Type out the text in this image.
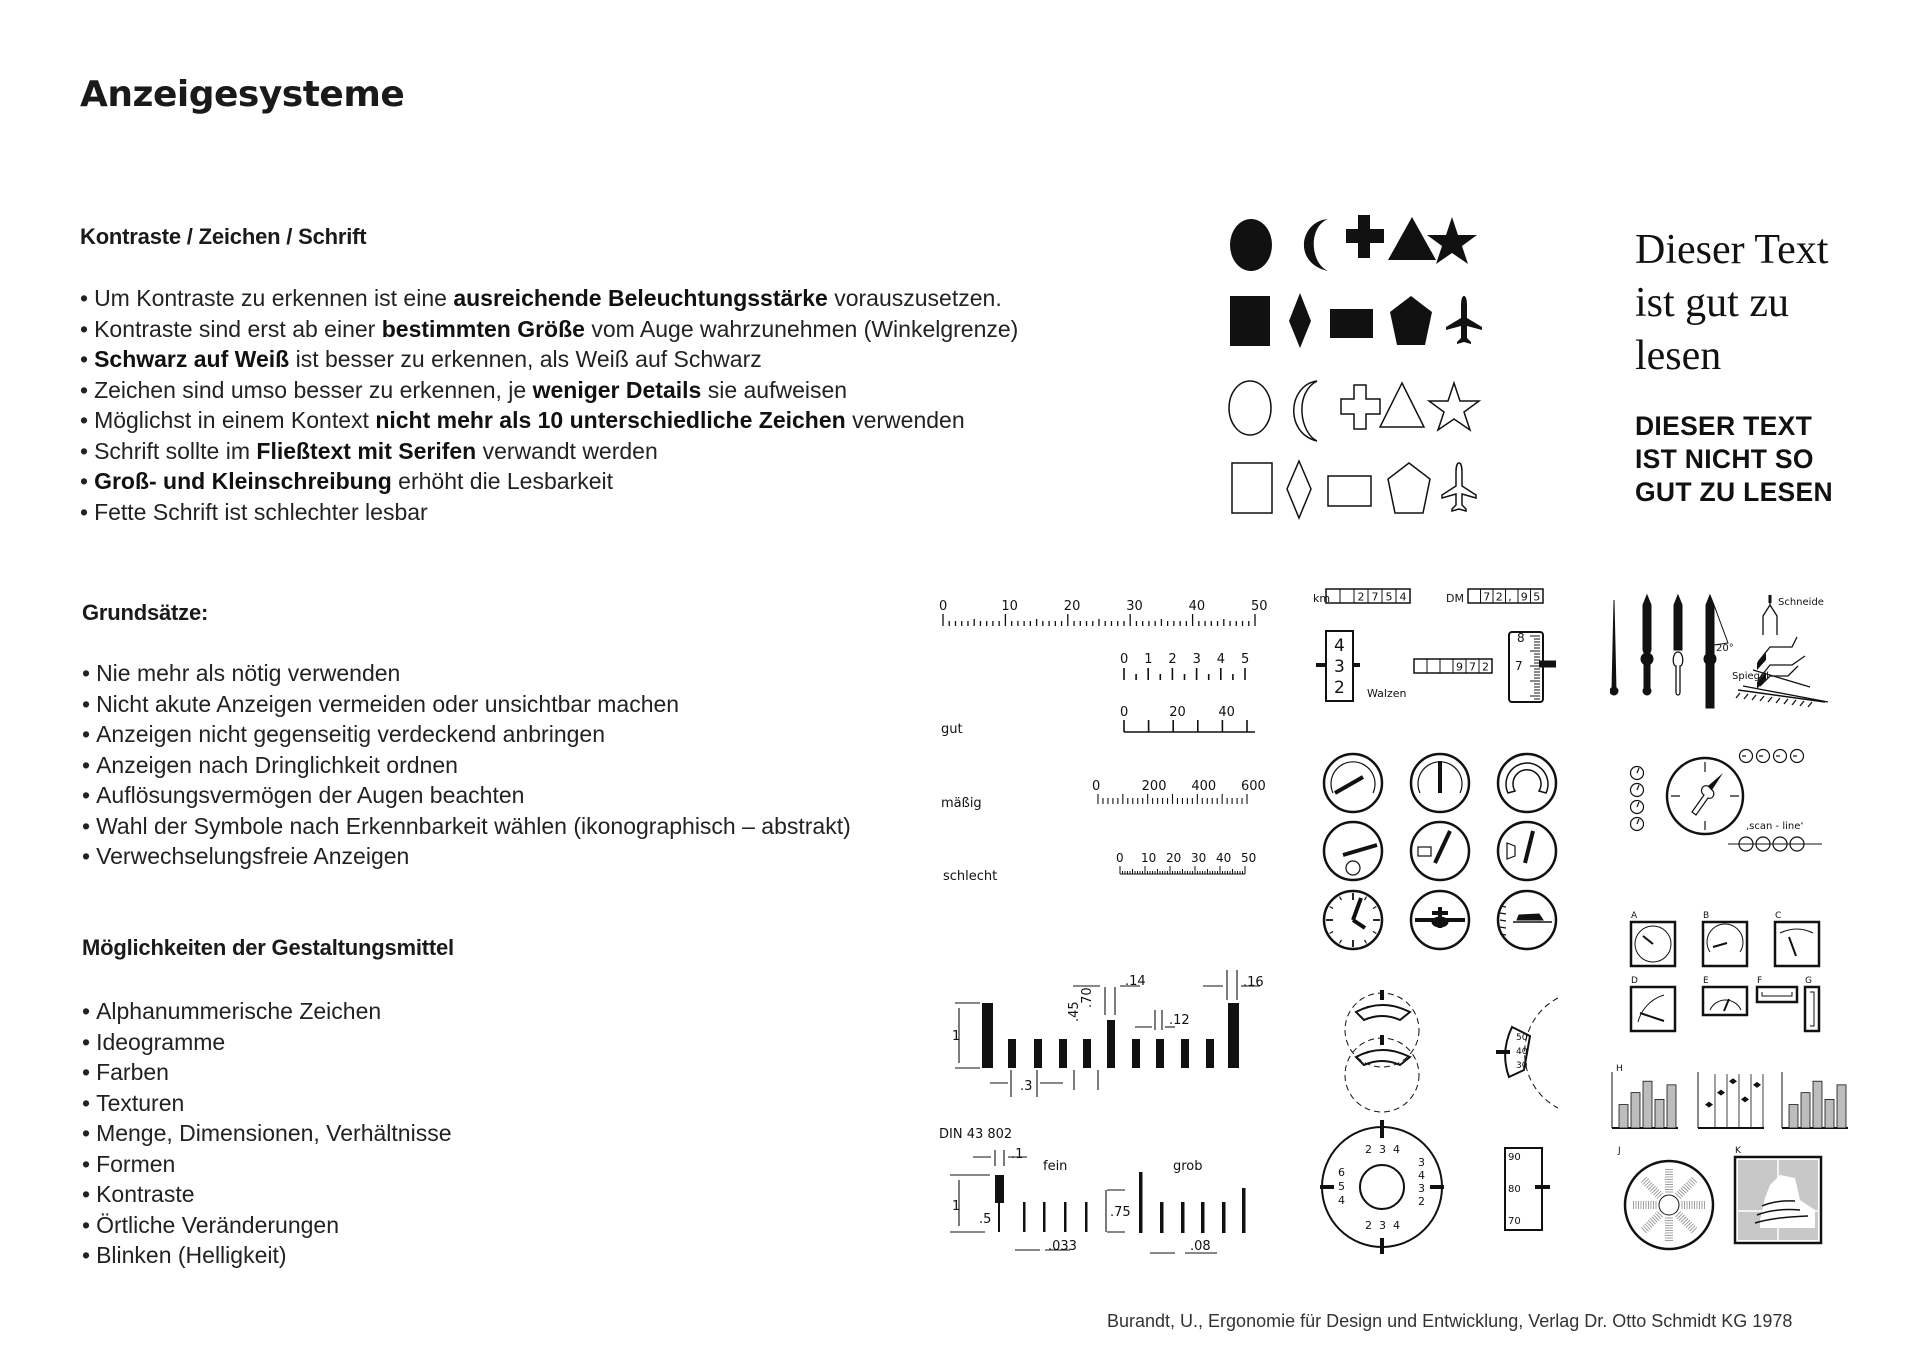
Anzeigesysteme
Kontraste / Zeichen / Schrift
• Um Kontraste zu erkennen ist eine ausreichende Beleuchtungsstärke vorauszusetzen.
• Kontraste sind erst ab einer bestimmten Größe vom Auge wahrzunehmen (Winkelgrenze)
• Schwarz auf Weiß ist besser zu erkennen, als Weiß auf Schwarz
• Zeichen sind umso besser zu erkennen, je weniger Details sie aufweisen
• Möglichst in einem Kontext nicht mehr als 10 unterschiedliche Zeichen verwenden
• Schrift sollte im Fließtext mit Serifen verwandt werden
• Groß- und Kleinschreibung erhöht die Lesbarkeit
• Fette Schrift ist schlechter lesbar
Grundsätze:
• Nie mehr als nötig verwenden
• Nicht akute Anzeigen vermeiden oder unsichtbar machen
• Anzeigen nicht gegenseitig verdeckend anbringen
• Anzeigen nach Dringlichkeit ordnen
• Auflösungsvermögen der Augen beachten
• Wahl der Symbole nach Erkennbarkeit wählen (ikonographisch – abstrakt)
• Verwechselungsfreie Anzeigen
Möglichkeiten der Gestaltungsmittel
• Alphanummerische Zeichen
• Ideogramme
• Farben
• Texturen
• Menge, Dimensionen, Verhältnisse
• Formen
• Kontraste
• Örtliche Veränderungen
• Blinken (Helligkeit)
Dieser Text
ist gut zu
lesen
DIESER TEXT
IST NICHT SO
GUT ZU LESEN
0	10	20	30	40	50
0 1 2 3 4 5
gut
0	20	40
mäßig
0	200 400 600
schlecht
0 10 20 30 40 50
1
.3
.45
.70
.14
.12
.16
DIN 43 802
fein	grob
.1
1
.5	.75
.033	.08
km	DM
Walzen
2 7 5 4	7 2 , 9 5
9 7 2
4
3
2
8
7
50
40
30
2 3 4
2 3 4
6
5
4
3
4
3
2
90
80
70
Schneide
20°
Spiegel
‚scan - line‘
A	B	C
D	E	F	G
H
J	K
Burandt, U., Ergonomie für Design und Entwicklung, Verlag Dr. Otto Schmidt KG 1978
